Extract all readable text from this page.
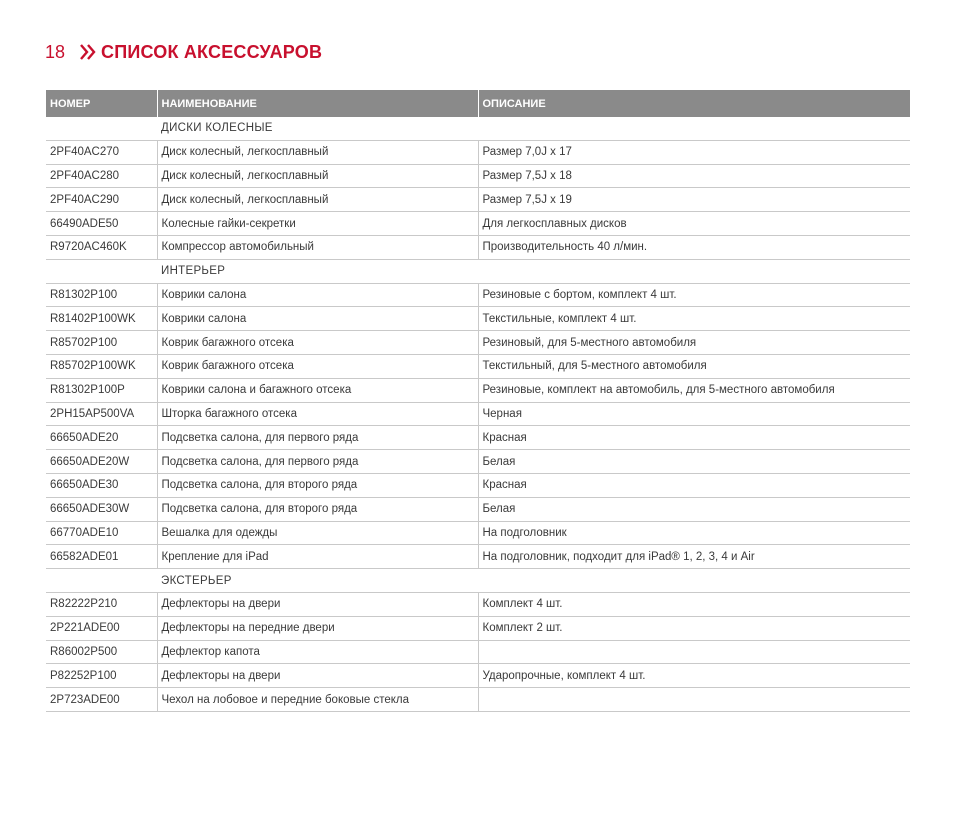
18 СПИСОК АКСЕССУАРОВ
НОМЕР	НАИМЕНОВАНИЕ	ОПИСАНИЕ
	ДИСКИ КОЛЕСНЫЕ	
2PF40AC270	Диск колесный, легкосплавный	Размер 7,0J x 17
2PF40AC280	Диск колесный, легкосплавный	Размер 7,5J x 18
2PF40AC290	Диск колесный, легкосплавный	Размер 7,5J x 19
66490ADE50	Колесные гайки-секретки	Для легкосплавных дисков
R9720AC460K	Компрессор автомобильный	Производительность 40 л/мин.
	ИНТЕРЬЕР	
R81302P100	Коврики салона	Резиновые с бортом, комплект 4 шт.
R81402P100WK	Коврики салона	Текстильные, комплект 4 шт.
R85702P100	Коврик багажного отсека	Резиновый, для 5-местного автомобиля
R85702P100WK	Коврик багажного отсека	Текстильный, для 5-местного автомобиля
R81302P100P	Коврики салона и багажного отсека	Резиновые, комплект на автомобиль, для 5-местного автомобиля
2PH15AP500VA	Шторка багажного отсека	Черная
66650ADE20	Подсветка салона, для первого ряда	Красная
66650ADE20W	Подсветка салона, для первого ряда	Белая
66650ADE30	Подсветка салона, для второго ряда	Красная
66650ADE30W	Подсветка салона, для второго ряда	Белая
66770ADE10	Вешалка для одежды	На подголовник
66582ADE01	Крепление для iPad	На подголовник, подходит для iPad® 1, 2, 3, 4 и Air
	ЭКСТЕРЬЕР	
R82222P210	Дефлекторы на двери	Комплект 4 шт.
2P221ADE00	Дефлекторы на передние двери	Комплект 2 шт.
R86002P500	Дефлектор капота	
P82252P100	Дефлекторы на двери	Ударопрочные, комплект 4 шт.
2P723ADE00	Чехол на лобовое и передние боковые стекла	
